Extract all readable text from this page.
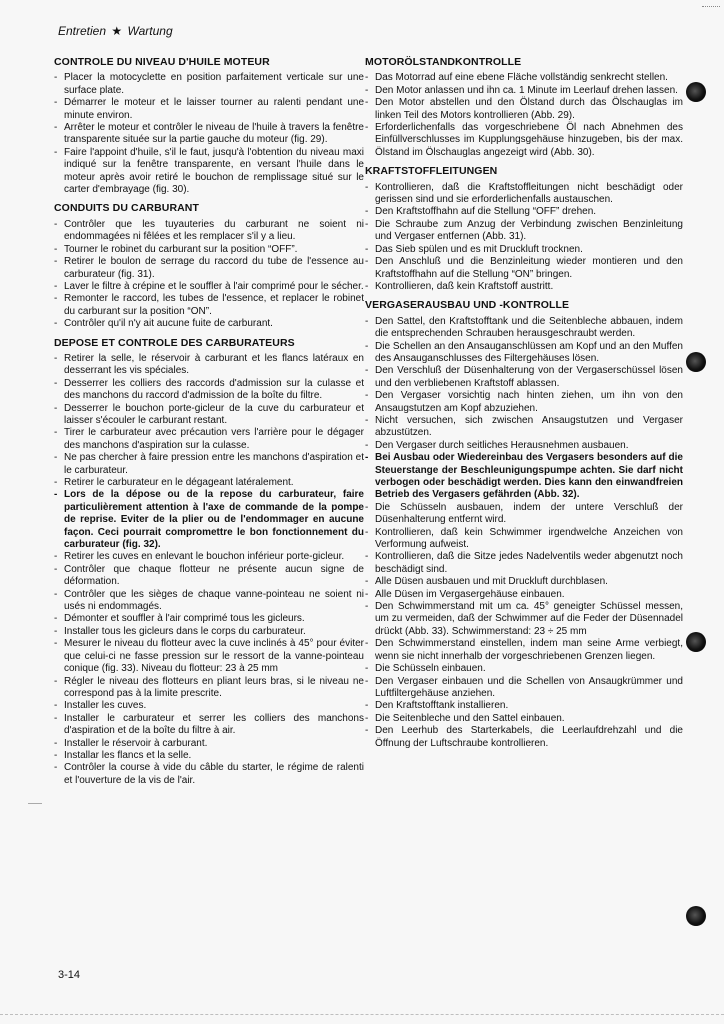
Entretien ★ Wartung
CONTROLE DU NIVEAU D'HUILE MOTEUR
- Placer la motocyclette en position parfaitement verticale sur une surface plate.
- Démarrer le moteur et le laisser tourner au ralenti pendant une minute environ.
- Arrêter le moteur et contrôler le niveau de l'huile à travers la fenêtre transparente située sur la partie gauche du moteur (fig. 29).
- Faire l'appoint d'huile, s'il le faut, jusqu'à l'obtention du niveau maxi indiqué sur la fenêtre transparente, en versant l'huile dans le moteur après avoir retiré le bouchon de remplissage situé sur le carter d'embrayage (fig. 30).
CONDUITS DU CARBURANT
- Contrôler que les tuyauteries du carburant ne soient ni endommagées ni fêlées et les remplacer s'il y a lieu.
- Tourner le robinet du carburant sur la position “OFF”.
- Retirer le boulon de serrage du raccord du tube de l'essence au carburateur (fig. 31).
- Laver le filtre à crépine et le souffler à l'air comprimé pour le sécher.
- Remonter le raccord, les tubes de l'essence, et replacer le robinet du carburant sur la position “ON”.
- Contrôler qu'il n'y ait aucune fuite de carburant.
DEPOSE ET CONTROLE DES CARBURATEURS
- Retirer la selle, le réservoir à carburant et les flancs latéraux en desserrant les vis spéciales.
- Desserrer les colliers des raccords d'admission sur la culasse et des manchons du raccord d'admission de la boîte du filtre.
- Desserrer le bouchon porte-gicleur de la cuve du carburateur et laisser s'écouler le carburant restant.
- Tirer le carburateur avec précaution vers l'arrière pour le dégager des manchons d'aspiration sur la culasse.
- Ne pas chercher à faire pression entre les manchons d'aspiration et le carburateur.
- Retirer le carburateur en le dégageant latéralement.
- Lors de la dépose ou de la repose du carburateur, faire particulièrement attention à l'axe de commande de la pompe de reprise. Eviter de la plier ou de l'endommager en aucune façon. Ceci pourrait compromettre le bon fonctionnement du carburateur (fig. 32).
- Retirer les cuves en enlevant le bouchon inférieur porte-gicleur.
- Contrôler que chaque flotteur ne présente aucun signe de déformation.
- Contrôler que les sièges de chaque vanne-pointeau ne soient ni usés ni endommagés.
- Démonter et souffler à l'air comprimé tous les gicleurs.
- Installer tous les gicleurs dans le corps du carburateur.
- Mesurer le niveau du flotteur avec la cuve inclinés à 45° pour éviter que celui-ci ne fasse pression sur le ressort de la vanne-pointeau conique (fig. 33). Niveau du flotteur: 23 à 25 mm
- Régler le niveau des flotteurs en pliant leurs bras, si le niveau ne correspond pas à la limite prescrite.
- Installer les cuves.
- Installer le carburateur et serrer les colliers des manchons d'aspiration et de la boîte du filtre à air.
- Installer le réservoir à carburant.
- Installar les flancs et la selle.
- Contrôler la course à vide du câble du starter, le régime de ralenti et l'ouverture de la vis de l'air.
MOTORÖLSTANDKONTROLLE
- Das Motorrad auf eine ebene Fläche vollständig senkrecht stellen.
- Den Motor anlassen und ihn ca. 1 Minute im Leerlauf drehen lassen.
- Den Motor abstellen und den Ölstand durch das Ölschauglas im linken Teil des Motors kontrollieren (Abb. 29).
- Erforderlichenfalls das vorgeschriebene Öl nach Abnehmen des Einfüllverschlusses im Kupplungsgehäuse hinzugeben, bis der max. Ölstand im Ölschauglas angezeigt wird (Abb. 30).
KRAFTSTOFFLEITUNGEN
- Kontrollieren, daß die Kraftstoffleitungen nicht beschädigt oder gerissen sind und sie erforderlichenfalls austauschen.
- Den Kraftstoffhahn auf die Stellung “OFF” drehen.
- Die Schraube zum Anzug der Verbindung zwischen Benzinleitung und Vergaser entfernen (Abb. 31).
- Das Sieb spülen und es mit Druckluft trocknen.
- Den Anschluß und die Benzinleitung wieder montieren und den Kraftstoffhahn auf die Stellung “ON” bringen.
- Kontrollieren, daß kein Kraftstoff austritt.
VERGASERAUSBAU UND -KONTROLLE
- Den Sattel, den Kraftstofftank und die Seitenbleche abbauen, indem die entsprechenden Schrauben herausgeschraubt werden.
- Die Schellen an den Ansauganschlüssen am Kopf und an den Muffen des Ansauganschlusses des Filtergehäuses lösen.
- Den Verschluß der Düsenhalterung von der Vergaserschüssel lösen und den verbliebenen Kraftstoff ablassen.
- Den Vergaser vorsichtig nach hinten ziehen, um ihn von den Ansaugstutzen am Kopf abzuziehen.
- Nicht versuchen, sich zwischen Ansaugstutzen und Vergaser abzustützen.
- Den Vergaser durch seitliches Herausnehmen ausbauen.
- Bei Ausbau oder Wiedereinbau des Vergasers besonders auf die Steuerstange der Beschleunigungspumpe achten. Sie darf nicht verbogen oder beschädigt werden. Dies kann den einwandfreien Betrieb des Vergasers gefährden (Abb. 32).
- Die Schüsseln ausbauen, indem der untere Verschluß der Düsenhalterung entfernt wird.
- Kontrollieren, daß kein Schwimmer irgendwelche Anzeichen von Verformung aufweist.
- Kontrollieren, daß die Sitze jedes Nadelventils weder abgenutzt noch beschädigt sind.
- Alle Düsen ausbauen und mit Druckluft durchblasen.
- Alle Düsen im Vergasergehäuse einbauen.
- Den Schwimmerstand mit um ca. 45° geneigter Schüssel messen, um zu vermeiden, daß der Schwimmer auf die Feder der Düsennadel drückt (Abb. 33). Schwimmerstand: 23 ÷ 25 mm
- Den Schwimmerstand einstellen, indem man seine Arme verbiegt, wenn sie nicht innerhalb der vorgeschriebenen Grenzen liegen.
- Die Schüsseln einbauen.
- Den Vergaser einbauen und die Schellen von Ansaugkrümmer und Luftfiltergehäuse anziehen.
- Den Kraftstofftank installieren.
- Die Seitenbleche und den Sattel einbauen.
- Den Leerhub des Starterkabels, die Leerlaufdrehzahl und die Öffnung der Luftschraube kontrollieren.
3-14
